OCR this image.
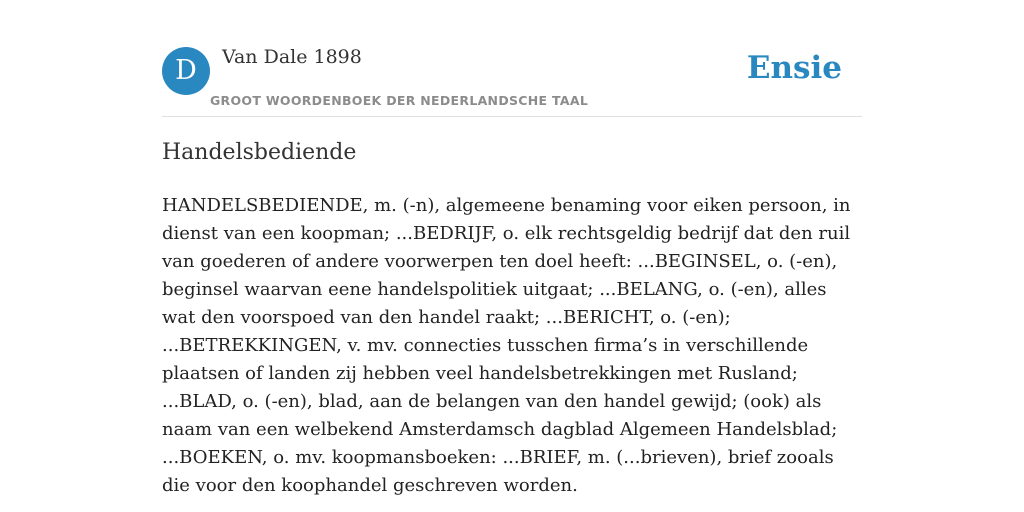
D	Van Dale 1898
GROOT WOORDENBOEK DER NEDERLANDSCHE TAAL
Ensie
Handelsbediende

HANDELSBEDIENDE, m. (-n), algemeene benaming voor eiken persoon, in dienst van een koopman; ...BEDRIJF, o. elk rechtsgeldig bedrijf dat den ruil van goederen of andere voorwerpen ten doel heeft: ...BEGINSEL, o. (-en), beginsel waarvan eene handelspolitiek uitgaat; ...BELANG, o. (-en), alles wat den voorspoed van den handel raakt; ...BERICHT, o. (-en); ...BETREKKINGEN, v. mv. connecties tusschen firma’s in verschillende plaatsen of landen zij hebben veel handelsbetrekkingen met Rusland; ...BLAD, o. (-en), blad, aan de belangen van den handel gewijd; (ook) als naam van een welbekend Amsterdamsch dagblad Algemeen Handelsblad; ...BOEKEN, o. mv. koopmansboeken: ...BRIEF, m. (...brieven), brief zooals die voor den koophandel geschreven worden.
